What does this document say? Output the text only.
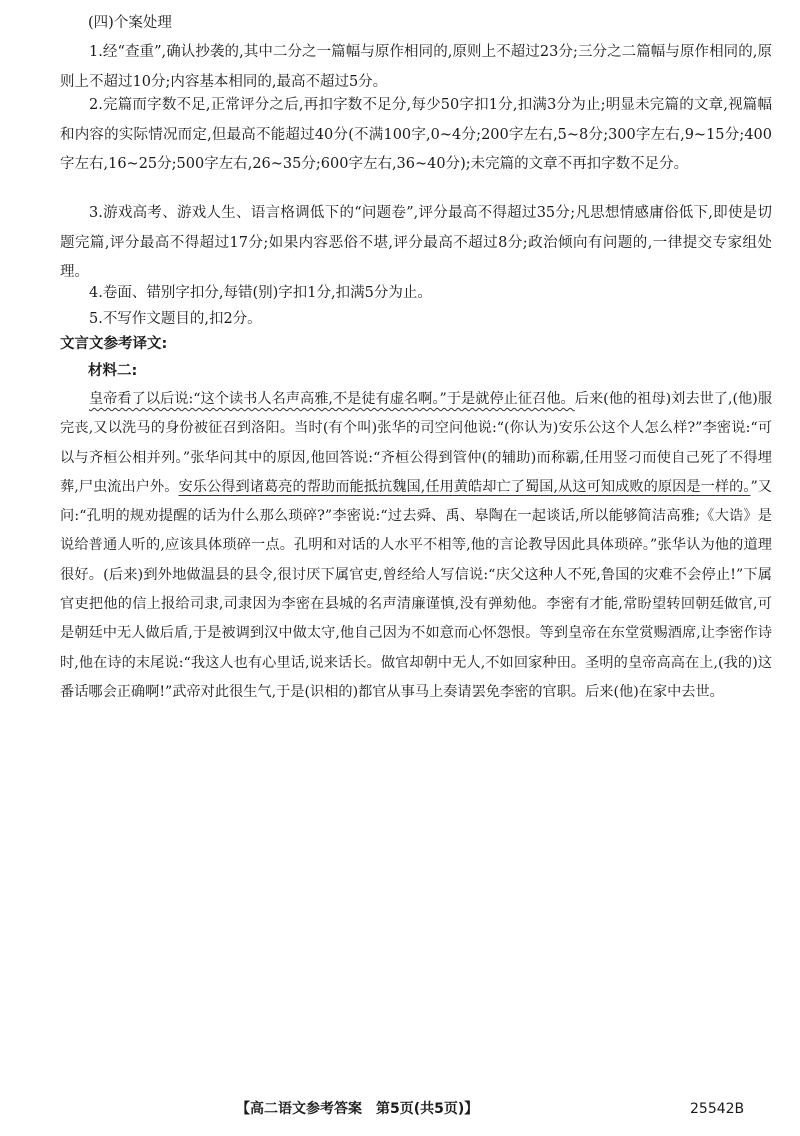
(四)个案处理

1.经“查重”,确认抄袭的,其中二分之一篇幅与原作相同的,原则上不超过23分;三分之二篇幅与原作相同的,原则上不超过10分;内容基本相同的,最高不超过5分。

2.完篇而字数不足,正常评分之后,再扣字数不足分,每少50字扣1分,扣满3分为止;明显未完篇的文章,视篇幅和内容的实际情况而定,但最高不能超过40分(不满100字,0~4分;200字左右,5~8分;300字左右,9~15分;400字左右,16~25分;500字左右,26~35分;600字左右,36~40分);未完篇的文章不再扣字数不足分。

3.游戏高考、游戏人生、语言格调低下的“问题卷”,评分最高不得超过35分;凡思想情感庸俗低下,即使是切题完篇,评分最高不得超过17分;如果内容恶俗不堪,评分最高不超过8分;政治倾向有问题的,一律提交专家组处理。

4.卷面、错别字扣分,每错(别)字扣1分,扣满5分为止。

5.不写作文题目的,扣2分。

文言文参考译文:
材料二:

皇帝看了以后说:“这个读书人名声高雅,不是徒有虚名啊。”于是就停止征召他。后来(他的祖母)刘去世了,(他)服完丧,又以洗马的身份被征召到洛阳。当时(有个叫)张华的司空问他说:“(你认为)安乐公这个人怎么样?”李密说:“可以与齐桓公相并列。”张华问其中的原因,他回答说:“齐桓公得到管仲(的辅助)而称霸,任用竖刁而使自己死了不得埋葬,尸虫流出户外。安乐公得到诸葛亮的帮助而能抵抗魏国,任用黄皓却亡了蜀国,从这可知成败的原因是一样的。”又问:“孔明的规劝提醒的话为什么那么琐碎?”李密说:“过去舜、禹、皋陶在一起谈话,所以能够简洁高雅;《大诰》是说给普通人听的,应该具体琐碎一点。孔明和对话的人水平不相等,他的言论教导因此具体琐碎。”张华认为他的道理很好。(后来)到外地做温县的县令,很讨厌下属官吏,曾经给人写信说:“庆父这种人不死,鲁国的灾难不会停止!”下属官吏把他的信上报给司隶,司隶因为李密在县城的名声清廉谨慎,没有弹劾他。李密有才能,常盼望转回朝廷做官,可是朝廷中无人做后盾,于是被调到汉中做太守,他自己因为不如意而心怀怨恨。等到皇帝在东堂赏赐酒席,让李密作诗时,他在诗的末尾说:“我这人也有心里话,说来话长。做官却朝中无人,不如回家种田。圣明的皇帝高高在上,(我的)这番话哪会正确啊!”武帝对此很生气,于是(识相的)都官从事马上奏请罢免李密的官职。后来(他)在家中去世。

【高二语文参考答案　第5页(共5页)】	25542B
